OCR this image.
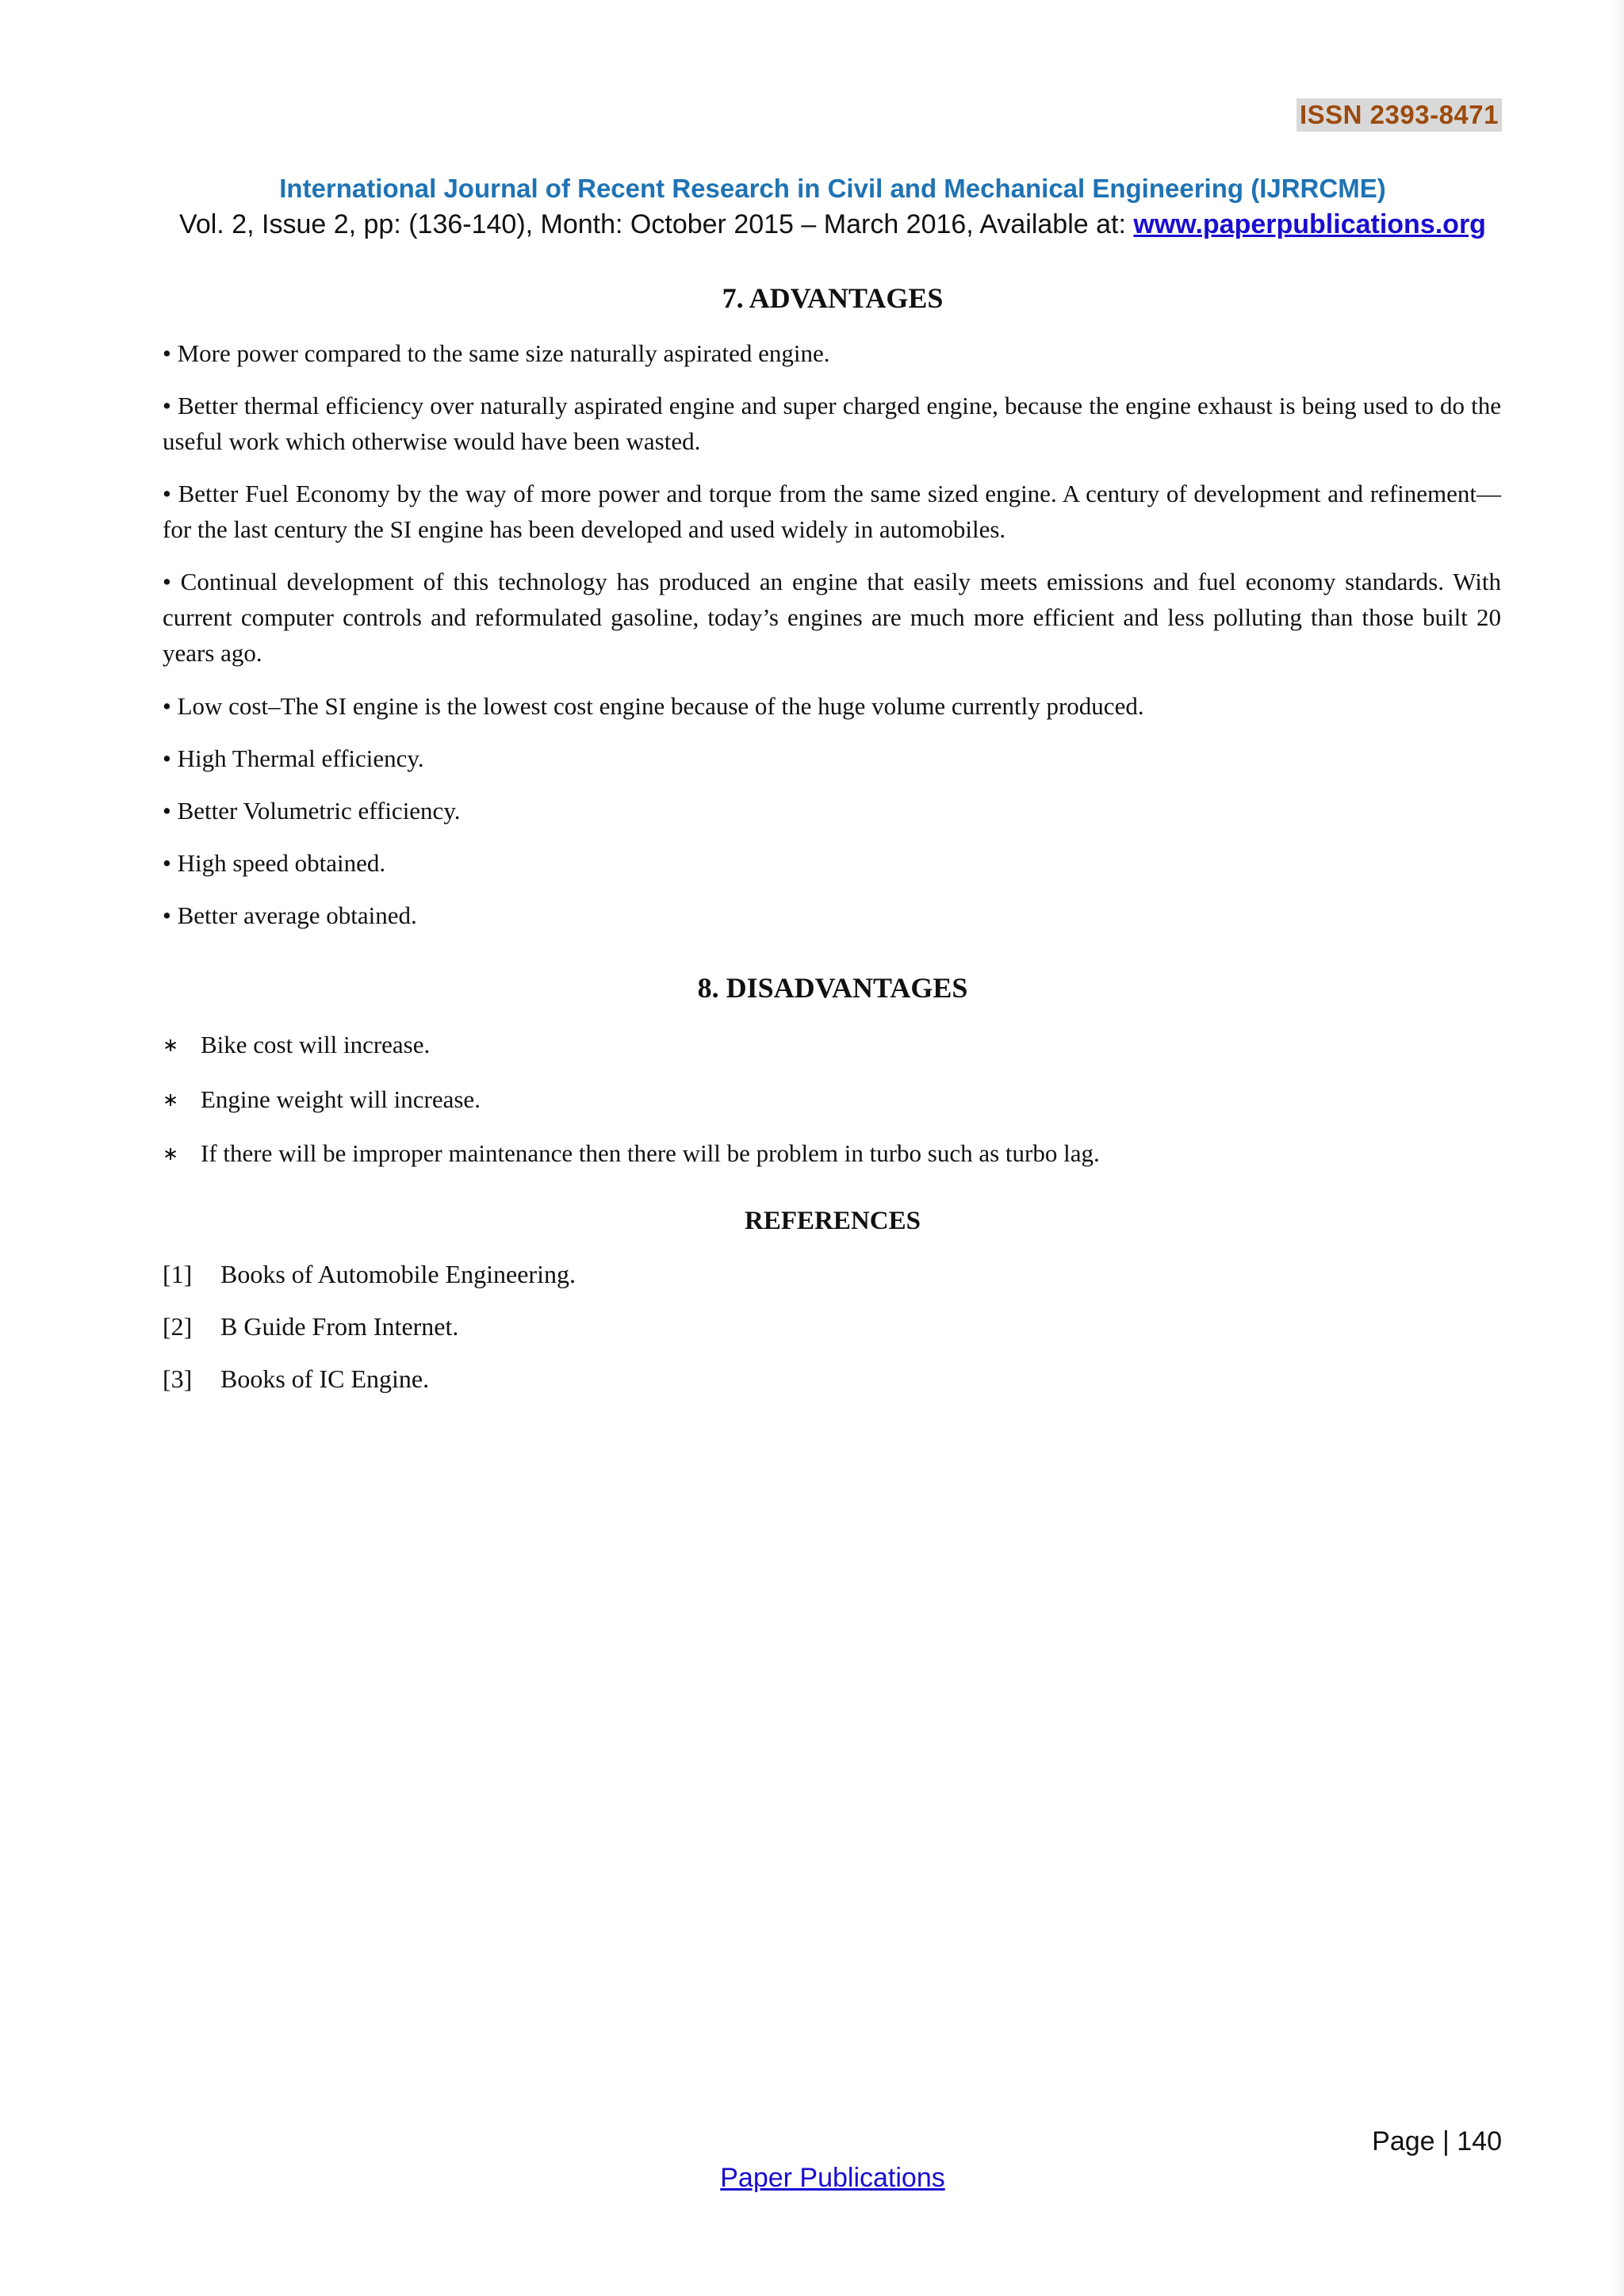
ISSN 2393-8471
International Journal of Recent Research in Civil and Mechanical Engineering (IJRRCME)
Vol. 2, Issue 2, pp: (136-140), Month: October 2015 – March 2016, Available at: www.paperpublications.org
7. ADVANTAGES
• More power compared to the same size naturally aspirated engine.
• Better thermal efficiency over naturally aspirated engine and super charged engine, because the engine exhaust is being used to do the useful work which otherwise would have been wasted.
• Better Fuel Economy by the way of more power and torque from the same sized engine. A century of development and refinement—for the last century the SI engine has been developed and used widely in automobiles.
• Continual development of this technology has produced an engine that easily meets emissions and fuel economy standards. With current computer controls and reformulated gasoline, today’s engines are much more efficient and less polluting than those built 20 years ago.
• Low cost–The SI engine is the lowest cost engine because of the huge volume currently produced.
• High Thermal efficiency.
• Better Volumetric efficiency.
• High speed obtained.
• Better average obtained.
8. DISADVANTAGES
∗ Bike cost will increase.
∗ Engine weight will increase.
∗ If there will be improper maintenance then there will be problem in turbo such as turbo lag.
REFERENCES
[1] Books of Automobile Engineering.
[2] B Guide From Internet.
[3] Books of IC Engine.
Page | 140
Paper Publications
